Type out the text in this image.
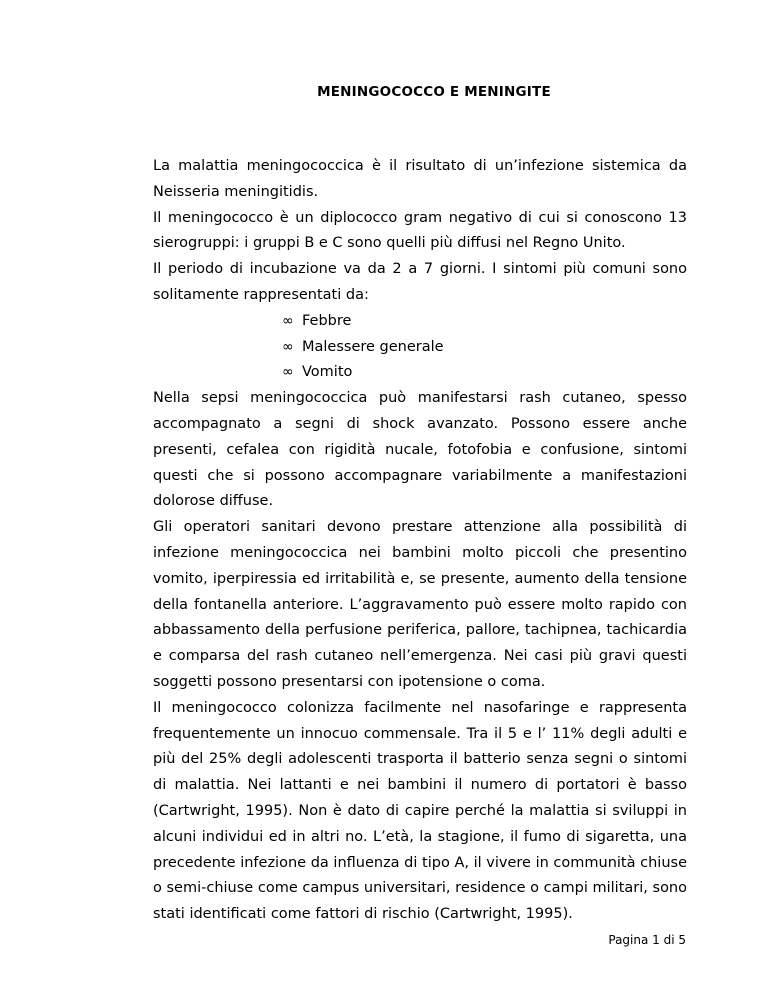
MENINGOCOCCO E MENINGITE

La malattia meningococcica è il risultato di un’infezione sistemica da Neisseria meningitidis.

Il meningococco è un diplococco gram negativo di cui si conoscono 13 sierogruppi: i gruppi B e C sono quelli più diffusi nel Regno Unito.

Il periodo di incubazione va da 2 a 7 giorni. I sintomi più comuni sono solitamente rappresentati da:

∞ Febbre
∞ Malessere generale
∞ Vomito

Nella sepsi meningococcica può manifestarsi rash cutaneo, spesso accompagnato a segni di shock avanzato. Possono essere anche presenti, cefalea con rigidità nucale, fotofobia e confusione, sintomi questi che si possono accompagnare variabilmente a manifestazioni dolorose diffuse.

Gli operatori sanitari devono prestare attenzione alla possibilità di infezione meningococcica nei bambini molto piccoli che presentino vomito, iperpiressia ed irritabilità e, se presente, aumento della tensione della fontanella anteriore. L’aggravamento può essere molto rapido con abbassamento della perfusione periferica, pallore, tachipnea, tachicardia e comparsa del rash cutaneo nell’emergenza. Nei casi più gravi questi soggetti possono presentarsi con ipotensione o coma.

Il meningococco colonizza facilmente nel nasofaringe e rappresenta frequentemente un innocuo commensale. Tra il 5 e l’ 11% degli adulti e più del 25% degli adolescenti trasporta il batterio senza segni o sintomi di malattia. Nei lattanti e nei bambini il numero di portatori è basso (Cartwright, 1995). Non è dato di capire perché la malattia si sviluppi in alcuni individui ed in altri no. L’età, la stagione, il fumo di sigaretta, una precedente infezione da influenza di tipo A, il vivere in communità chiuse o semi-chiuse come campus universitari, residence o campi militari, sono stati identificati come fattori di rischio (Cartwright, 1995).

Pagina 1 di 5
